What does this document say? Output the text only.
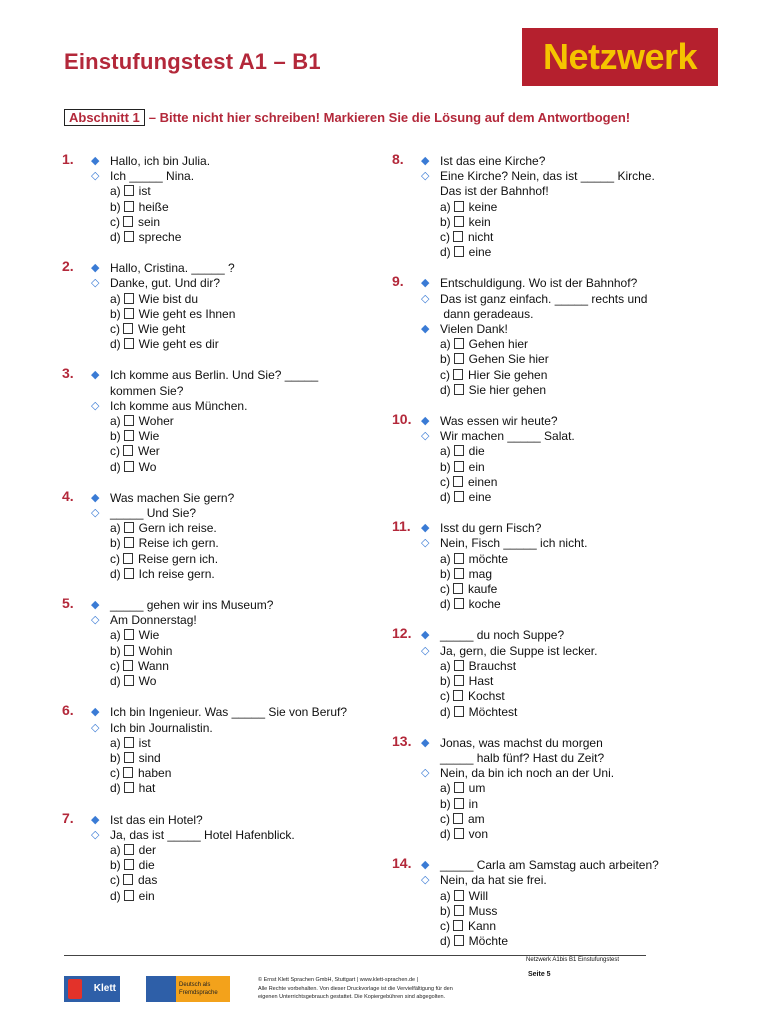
Einstufungstest A1 – B1	Netzwerk
Abschnitt 1 – Bitte nicht hier schreiben! Markieren Sie die Lösung auf dem Antwortbogen!
1. ◆ Hallo, ich bin Julia.
◇ Ich _____ Nina.
a) ist
b) heiße
c) sein
d) spreche
2. ◆ Hallo, Cristina. _____ ?
◇ Danke, gut. Und dir?
a) Wie bist du
b) Wie geht es Ihnen
c) Wie geht
d) Wie geht es dir
3. ◆ Ich komme aus Berlin. Und Sie? _____
kommen Sie?
◇ Ich komme aus München.
a) Woher
b) Wie
c) Wer
d) Wo
4. ◆ Was machen Sie gern?
◇ _____ Und Sie?
a) Gern ich reise.
b) Reise ich gern.
c) Reise gern ich.
d) Ich reise gern.
5. ◆ _____ gehen wir ins Museum?
◇ Am Donnerstag!
a) Wie
b) Wohin
c) Wann
d) Wo
6. ◆ Ich bin Ingenieur. Was _____ Sie von Beruf?
◇ Ich bin Journalistin.
a) ist
b) sind
c) haben
d) hat
7. ◆ Ist das ein Hotel?
◇ Ja, das ist _____ Hotel Hafenblick.
a) der
b) die
c) das
d) ein
8. ◆ Ist das eine Kirche?
◇ Eine Kirche? Nein, das ist _____ Kirche.
Das ist der Bahnhof!
a) keine
b) kein
c) nicht
d) eine
9. ◆ Entschuldigung. Wo ist der Bahnhof?
◇ Das ist ganz einfach. _____ rechts und
dann geradeaus.
◆ Vielen Dank!
a) Gehen hier
b) Gehen Sie hier
c) Hier Sie gehen
d) Sie hier gehen
10. ◆ Was essen wir heute?
◇ Wir machen _____ Salat.
a) die
b) ein
c) einen
d) eine
11. ◆ Isst du gern Fisch?
◇ Nein, Fisch _____ ich nicht.
a) möchte
b) mag
c) kaufe
d) koche
12. ◆ _____ du noch Suppe?
◇ Ja, gern, die Suppe ist lecker.
a) Brauchst
b) Hast
c) Kochst
d) Möchtest
13. ◆ Jonas, was machst du morgen
_____ halb fünf? Hast du Zeit?
◇ Nein, da bin ich noch an der Uni.
a) um
b) in
c) am
d) von
14. ◆ _____ Carla am Samstag auch arbeiten?
◇ Nein, da hat sie frei.
a) Will
b) Muss
c) Kann
d) Möchte
Netzwerk A1bis B1 Einstufungstest
Seite 5
Klett	Deutsch als Fremdsprache
© Ernst Klett Sprachen GmbH, Stuttgart | www.klett-sprachen.de |
Alle Rechte vorbehalten. Von dieser Druckvorlage ist die Vervielfältigung für den
eigenen Unterrichtsgebrauch gestattet. Die Kopiergebühren sind abgegolten.
